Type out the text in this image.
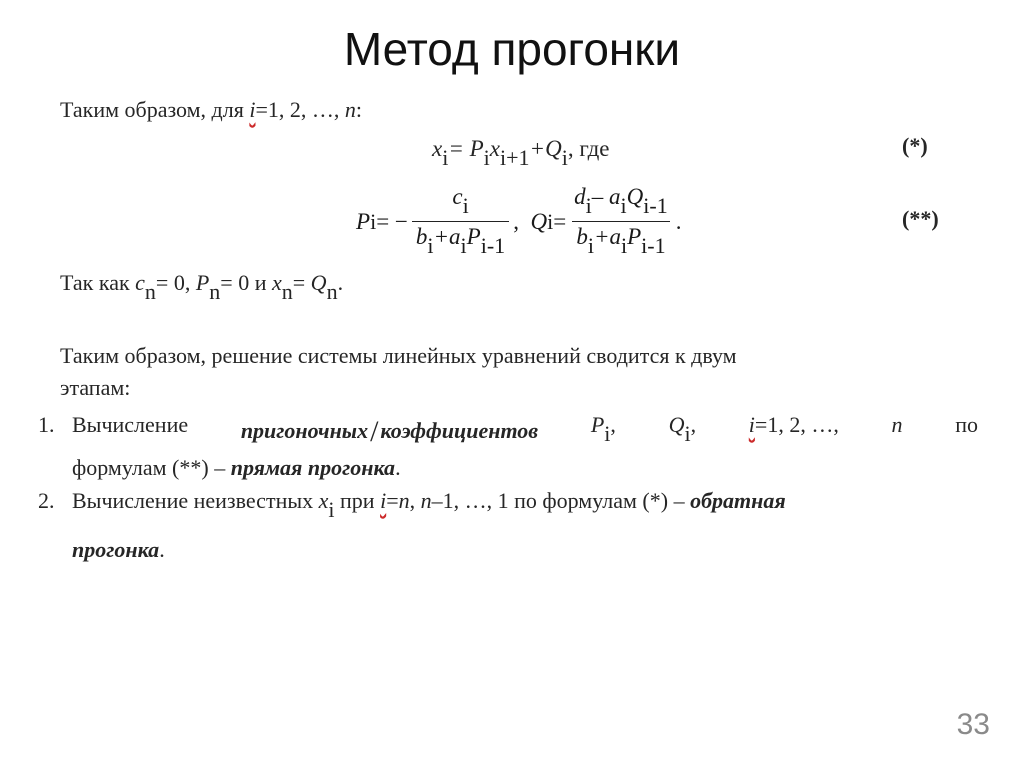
Метод прогонки
Таким образом, для i=1, 2, …, n:
$x_i= P_ix_{i+1}+Q_i$, где	(*)
P i = − $\frac{c_i}{b_i+a_iP_{i-1}}$ ,
Q $i = \frac{d_i- a_iQ_{i-1}}{b_i+a_iP_{i-1}}$ .	(**)
Так как $c_n= 0$, $P_n= 0$ и $x_n= Q_n$.
Таким образом, решение системы линейных уравнений сводится к двум
этапам:
1. Вычисление пригоночных/коэффициентов $P_i$, $Q_i$, i=1, 2, …, n по
формулам (**) – прямая прогонка.
2. Вычисление неизвестных $x_i$ при i=n, n–1, …, 1 по формулам (*) – обратная
прогонка.
33
